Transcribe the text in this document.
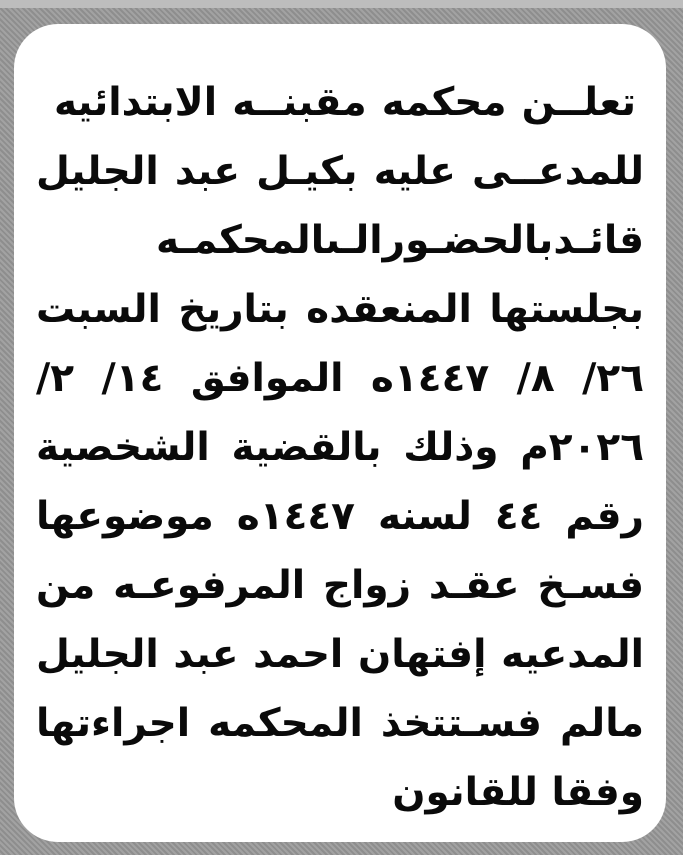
تعلــن محكمه مقبنــه الابتدائيه
للمدعــى عليه بكيـل عبد الجليل
قائـدبالحضـورالـىالمحكمـه
بجلستها المنعقده بتاريخ السبت
٢٦/ ٨/ ١٤٤٧ه الموافق ١٤/ ٢/
٢٠٢٦م وذلك بالقضية الشخصية
رقم ٤٤ لسنه ١٤٤٧ه موضوعها
فسـخ عقـد زواج المرفوعـه من
المدعيه إفتهان احمد عبد الجليل
مالم فسـتتخذ المحكمه اجراءتها
وفقا للقانون
